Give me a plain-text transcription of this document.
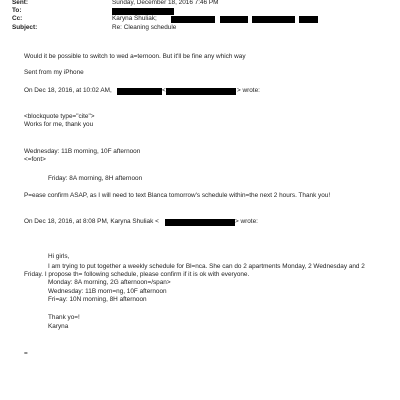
Sent:	Sunday, December 18, 2016 7:46 PM
To:
Cc:	Karyna Shuliak;
Subject:	Re: Cleaning schedule

Would it be possible to switch to wed a=ternoon. But it'll be fine any which way

Sent from my iPhone

On Dec 18, 2016, at 10:02 AM,	<	> wrote:

<blockquote type="cite">

Works for me, thank you

Wednesday: 11B morning, 10F afternoon

<=font>

Friday: 8A morning, 8H afternoon

P=ease confirm ASAP, as I will need to text Blanca tomorrow's schedule within=the next 2 hours. Thank you!

On Dec 18, 2016, at 8:08 PM, Karyna Shuliak <	> wrote:

Hi girls,

I am trying to put together a weekly schedule for Bl=nca. She can do 2 apartments Monday, 2 Wednesday and 2

Friday. I propose th= following schedule, please confirm if it is ok with everyone.

Monday: 8A morning, 2G afternoon=/span>

Wednesday: 11B morn=ng, 10F afternoon

Fri=ay: 10N morning, 8H afternoon

Thank yo=!

Karyna

=
